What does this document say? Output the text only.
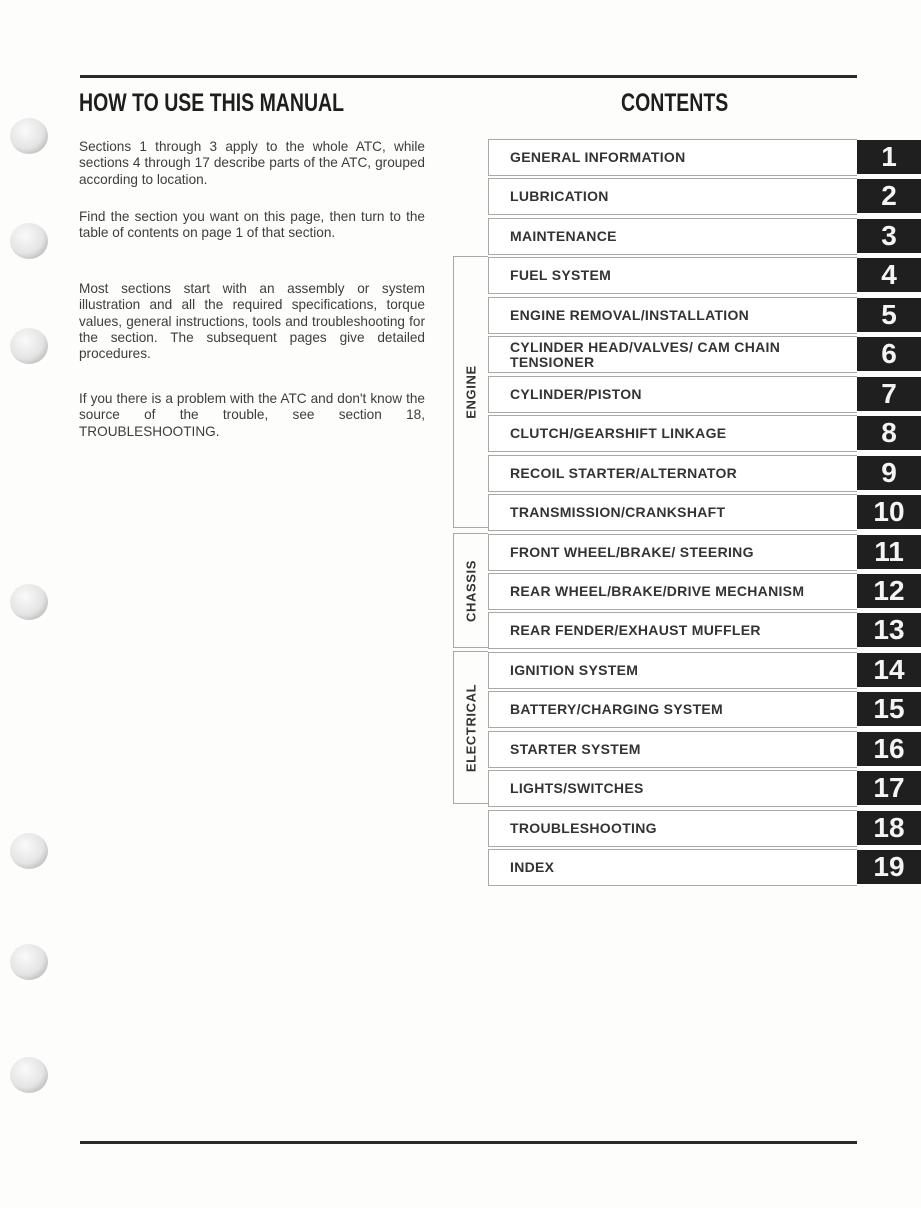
HOW TO USE THIS MANUAL

Sections 1 through 3 apply to the whole ATC, while sections 4 through 17 describe parts of the ATC, grouped according to location.

Find the section you want on this page, then turn to the table of contents on page 1 of that section.

Most sections start with an assembly or system illustration and all the required specifications, torque values, general instructions, tools and troubleshooting for the section. The subsequent pages give detailed procedures.

If you there is a problem with the ATC and don't know the source of the trouble, see section 18, TROUBLESHOOTING.

CONTENTS
ENGINE
CHASSIS
ELECTRICAL
GENERAL INFORMATION	1
LUBRICATION	2
MAINTENANCE	3
FUEL SYSTEM	4
ENGINE REMOVAL/INSTALLATION	5
CYLINDER HEAD/VALVES/ CAM CHAIN TENSIONER	6
CYLINDER/PISTON	7
CLUTCH/GEARSHIFT LINKAGE	8
RECOIL STARTER/ALTERNATOR	9
TRANSMISSION/CRANKSHAFT	10
FRONT WHEEL/BRAKE/ STEERING	11
REAR WHEEL/BRAKE/DRIVE MECHANISM	12
REAR FENDER/EXHAUST MUFFLER	13
IGNITION SYSTEM	14
BATTERY/CHARGING SYSTEM	15
STARTER SYSTEM	16
LIGHTS/SWITCHES	17
TROUBLESHOOTING	18
INDEX	19
